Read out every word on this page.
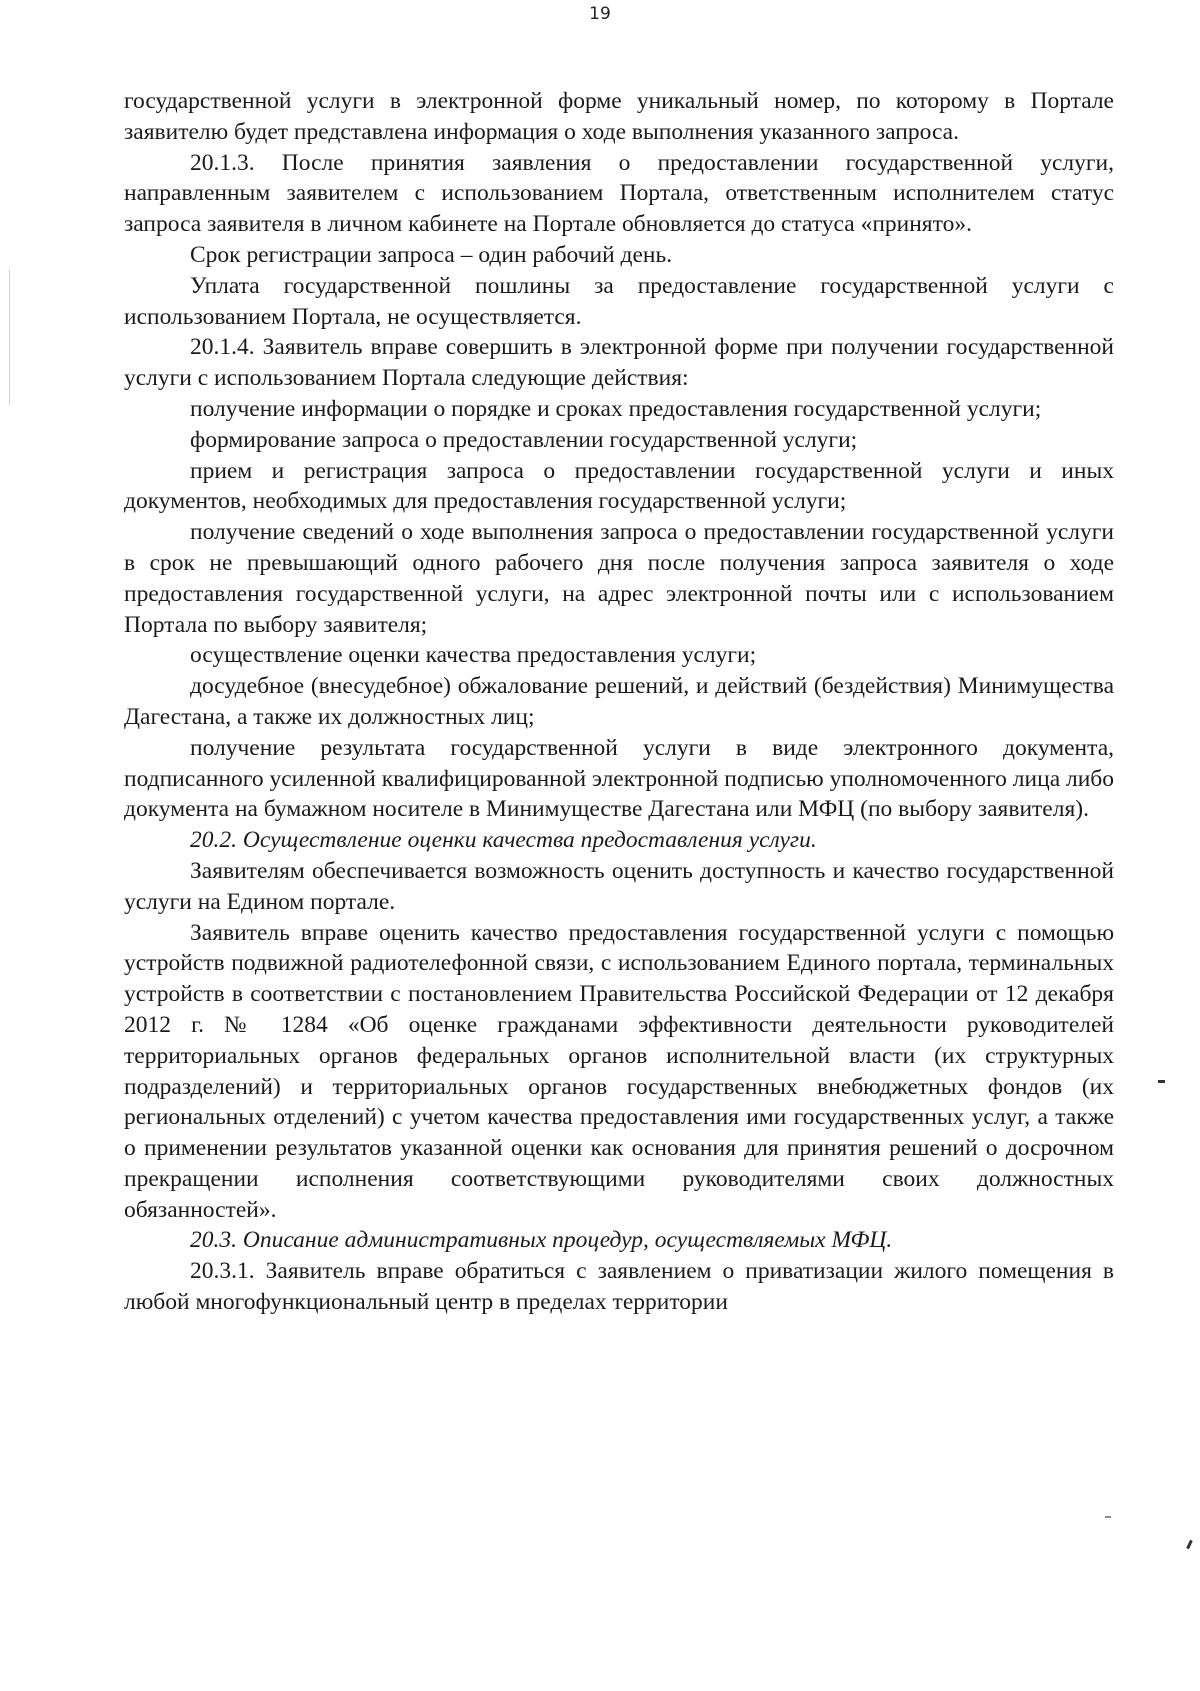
19

государственной услуги в электронной форме уникальный номер, по которому в Портале заявителю будет представлена информация о ходе выполнения указанного запроса.

20.1.3. После принятия заявления о предоставлении государственной услуги, направленным заявителем с использованием Портала, ответственным исполнителем статус запроса заявителя в личном кабинете на Портале обновляется до статуса «принято».

Срок регистрации запроса – один рабочий день.

Уплата государственной пошлины за предоставление государственной услуги с использованием Портала, не осуществляется.

20.1.4. Заявитель вправе совершить в электронной форме при получении государственной услуги с использованием Портала следующие действия:

получение информации о порядке и сроках предоставления государственной услуги;

формирование запроса о предоставлении государственной услуги;

прием и регистрация запроса о предоставлении государственной услуги и иных документов, необходимых для предоставления государственной услуги;

получение сведений о ходе выполнения запроса о предоставлении государственной услуги в срок не превышающий одного рабочего дня после получения запроса заявителя о ходе предоставления государственной услуги, на адрес электронной почты или с использованием Портала по выбору заявителя;

осуществление оценки качества предоставления услуги;

досудебное (внесудебное) обжалование решений, и действий (бездействия) Минимущества Дагестана, а также их должностных лиц;

получение результата государственной услуги в виде электронного документа, подписанного усиленной квалифицированной электронной подписью уполномоченного лица либо документа на бумажном носителе в Минимуществе Дагестана или МФЦ (по выбору заявителя).

20.2. Осуществление оценки качества предоставления услуги.

Заявителям обеспечивается возможность оценить доступность и качество государственной услуги на Едином портале.

Заявитель вправе оценить качество предоставления государственной услуги с помощью устройств подвижной радиотелефонной связи, с использованием Единого портала, терминальных устройств в соответствии с постановлением Правительства Российской Федерации от 12 декабря 2012 г. № 1284 «Об оценке гражданами эффективности деятельности руководителей территориальных органов федеральных органов исполнительной власти (их структурных подразделений) и территориальных органов государственных внебюджетных фондов (их региональных отделений) с учетом качества предоставления ими государственных услуг, а также о применении результатов указанной оценки как основания для принятия решений о досрочном прекращении исполнения соответствующими руководителями своих должностных обязанностей».

20.3. Описание административных процедур, осуществляемых МФЦ.

20.3.1. Заявитель вправе обратиться с заявлением о приватизации жилого помещения в любой многофункциональный центр в пределах территории
